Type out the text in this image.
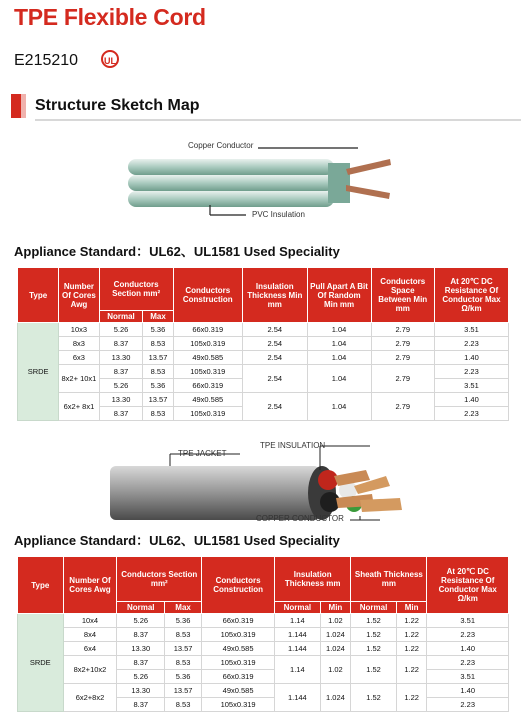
TPE Flexible Cord
E215210	UL
Structure Sketch Map
Copper Conductor
PVC Insulation
Appliance Standard：UL62、UL1581 Used Speciality
Type	Number Of Cores Awg	Conductors Section mm²		Conductors Construction	Insulation Thickness Min mm	Pull Apart A Bit Of Random Min mm	Conductors Space Between Min mm	At 20℃ DC Resistance Of Conductor Max Ω/km
		Normal	Max					
SRDE	10x3	5.26	5.36	66x0.319	2.54	1.04	2.79	3.51
	8x3	8.37	8.53	105x0.319	2.54	1.04	2.79	2.23
	6x3	13.30	13.57	49x0.585	2.54	1.04	2.79	1.40
	8x2+ 10x1	8.37	8.53	105x0.319	2.54	1.04	2.79	2.23
		5.26	5.36	66x0.319				3.51
	6x2+ 8x1	13.30	13.57	49x0.585	2.54	1.04	2.79	1.40
		8.37	8.53	105x0.319				2.23
TPE JACKET
TPE INSULATION
COPPER CONDUCTOR
Appliance Standard：UL62、UL1581 Used Speciality
Type	Number Of Cores Awg	Conductors Section mm²		Conductors Construction	Insulation Thickness mm		Sheath Thickness mm		At 20℃ DC Resistance Of Conductor Max Ω/km
		Normal	Max		Normal	Min	Normal	Min	
SRDE	10x4	5.26	5.36	66x0.319	1.14	1.02	1.52	1.22	3.51
	8x4	8.37	8.53	105x0.319	1.144	1.024	1.52	1.22	2.23
	6x4	13.30	13.57	49x0.585	1.144	1.024	1.52	1.22	1.40
	8x2+10x2	8.37	8.53	105x0.319	1.14	1.02	1.52	1.22	2.23
		5.26	5.36	66x0.319					3.51
	6x2+8x2	13.30	13.57	49x0.585	1.144	1.024	1.52	1.22	1.40
		8.37	8.53	105x0.319					2.23
